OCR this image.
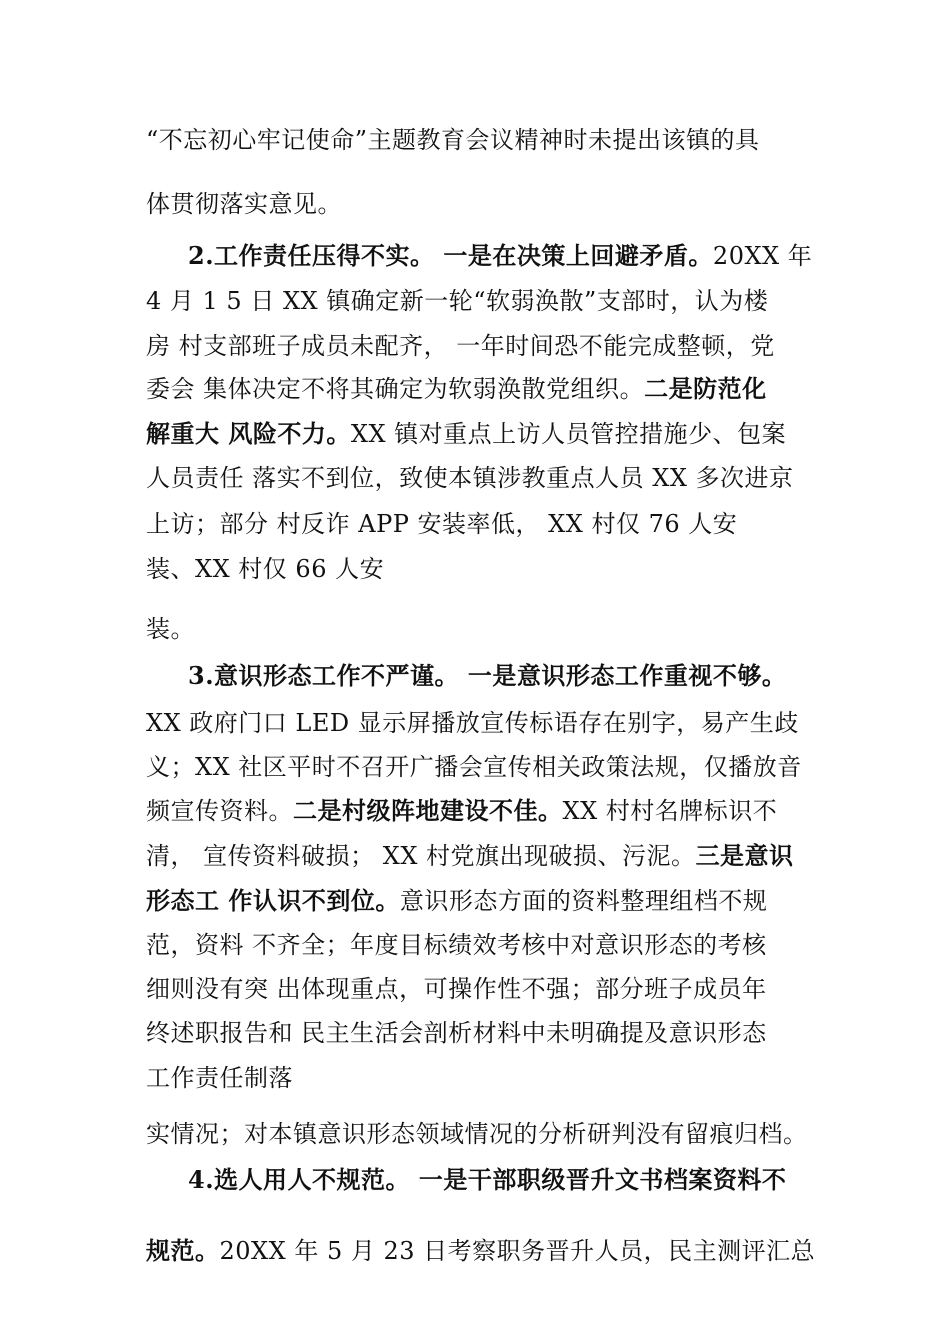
“不忘初心牢记使命”主题教育会议精神时未提出该镇的具
体贯彻落实意见。
2.工作责任压得不实。 一是在决策上回避矛盾。20XX 年
4 月 1 5 日 XX 镇确定新一轮“软弱涣散”支部时，认为楼
房 村支部班子成员未配齐， 一年时间恐不能完成整顿，党
委会 集体决定不将其确定为软弱涣散党组织。二是防范化
解重大 风险不力。XX 镇对重点上访人员管控措施少、包案
人员责任 落实不到位，致使本镇涉教重点人员 XX 多次进京
上访；部分 村反诈 APP 安装率低， XX 村仅 76 人安
装、XX 村仅 66 人安
装。
3.意识形态工作不严谨。 一是意识形态工作重视不够。
XX 政府门口 LED 显示屏播放宣传标语存在别字，易产生歧
义；XX 社区平时不召开广播会宣传相关政策法规，仅播放音
频宣传资料。二是村级阵地建设不佳。XX 村村名牌标识不
清， 宣传资料破损； XX 村党旗出现破损、污泥。三是意识
形态工 作认识不到位。意识形态方面的资料整理组档不规
范，资料 不齐全；年度目标绩效考核中对意识形态的考核
细则没有突 出体现重点，可操作性不强；部分班子成员年
终述职报告和 民主生活会剖析材料中未明确提及意识形态
工作责任制落
实情况；对本镇意识形态领域情况的分析研判没有留痕归档。
4.选人用人不规范。 一是干部职级晋升文书档案资料不
规范。20XX 年 5 月 23 日考察职务晋升人员，民主测评汇总
